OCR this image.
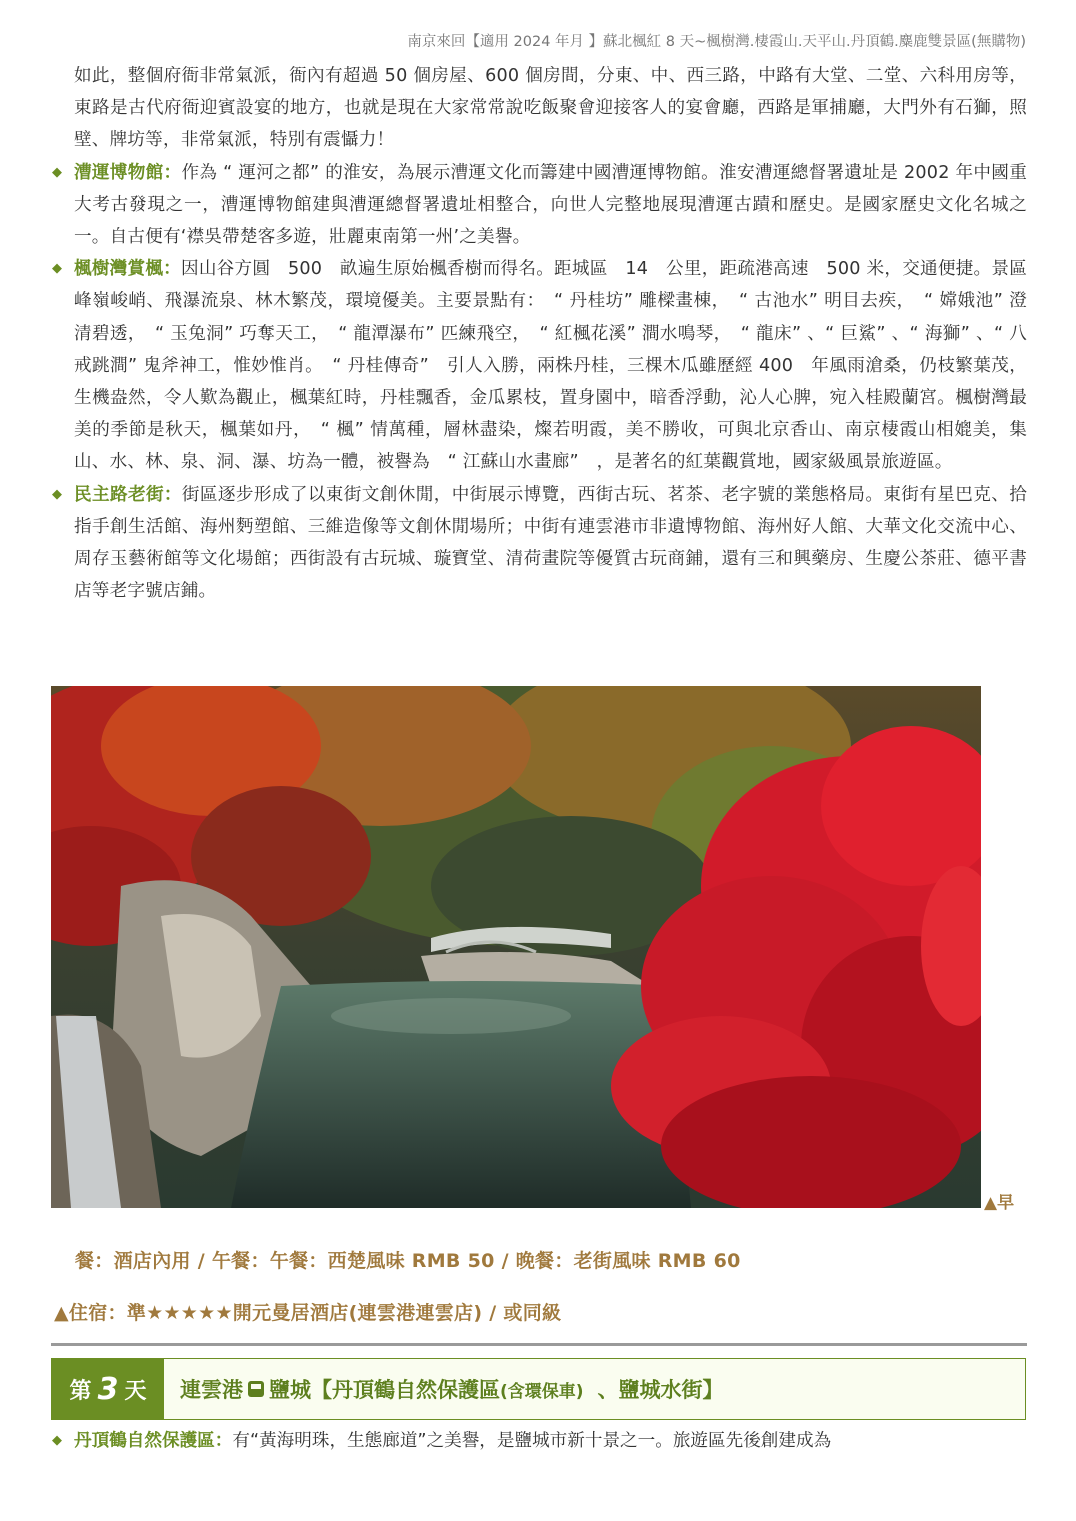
南京來回【適用 2024 年月 】蘇北楓紅 8 天~楓樹灣.棲霞山.天平山.丹頂鶴.麋鹿雙景區(無購物)

如此，整個府衙非常氣派，衙內有超過 50 個房屋、600 個房間，分東、中、西三路，中路有大堂、二堂、六科用房等，東路是古代府衙迎賓設宴的地方，也就是現在大家常常說吃飯聚會迎接客人的宴會廳，西路是軍捕廳，大門外有石獅，照壁、牌坊等，非常氣派，特別有震懾力！

◆ 漕運博物館：作為 “ 運河之都” 的淮安，為展示漕運文化而籌建中國漕運博物館。淮安漕運總督署遺址是 2002 年中國重大考古發現之一，漕運博物館建與漕運總督署遺址相整合，向世人完整地展現漕運古蹟和歷史。是國家歷史文化名城之一。自古便有‘襟吳帶楚客多遊，壯麗東南第一州’之美譽。

◆ 楓樹灣賞楓：因山谷方圓　500　畝遍生原始楓香樹而得名。距城區　14　公里，距疏港高速　500 米，交通便捷。景區峰嶺峻峭、飛瀑流泉、林木繁茂，環境優美。主要景點有：　“ 丹桂坊” 雕樑畫棟，　“ 古池水” 明目去疾，　“ 嫦娥池” 澄清碧透，　“ 玉兔洞” 巧奪天工，　“ 龍潭瀑布” 匹練飛空，　“ 紅楓花溪” 澗水鳴琴，　“ 龍床” 、“ 巨鯊” 、“ 海獅” 、“ 八戒跳澗” 鬼斧神工，惟妙惟肖。　“ 丹桂傳奇”　引人入勝，兩株丹桂，三棵木瓜雖歷經 400　年風雨滄桑，仍枝繁葉茂，生機盎然，令人歎為觀止，楓葉紅時，丹桂飄香，金瓜累枝，置身園中，暗香浮動，沁人心脾，宛入桂殿蘭宮。楓樹灣最美的季節是秋天，楓葉如丹，　“ 楓” 情萬種，層林盡染，燦若明霞，美不勝收，可與北京香山、南京棲霞山相媲美，集山、水、林、泉、洞、瀑、坊為一體，被譽為　“ 江蘇山水畫廊”　，是著名的紅葉觀賞地，國家級風景旅遊區。

◆ 民主路老街：街區逐步形成了以東街文創休閒，中街展示博覽，西街古玩、茗茶、老字號的業態格局。東街有星巴克、拾指手創生活館、海州麪塑館、三維造像等文創休閒場所；中街有連雲港市非遺博物館、海州好人館、大華文化交流中心、周存玉藝術館等文化場館；西街設有古玩城、璇寶堂、清荷畫院等優質古玩商鋪，還有三和興藥房、生慶公茶莊、德平書店等老字號店鋪。

▲早
餐：酒店內用 / 午餐：午餐：西楚風味 RMB 50 / 晚餐：老街風味 RMB 60
▲住宿：準★★★★★開元曼居酒店(連雲港連雲店) / 或同級
第 3 天 連雲港 鹽城【丹頂鶴自然保護區 (含環保車) 、鹽城水街】

◆ 丹頂鶴自然保護區：有“黃海明珠，生態廊道”之美譽，是鹽城市新十景之一。旅遊區先後創建成為
